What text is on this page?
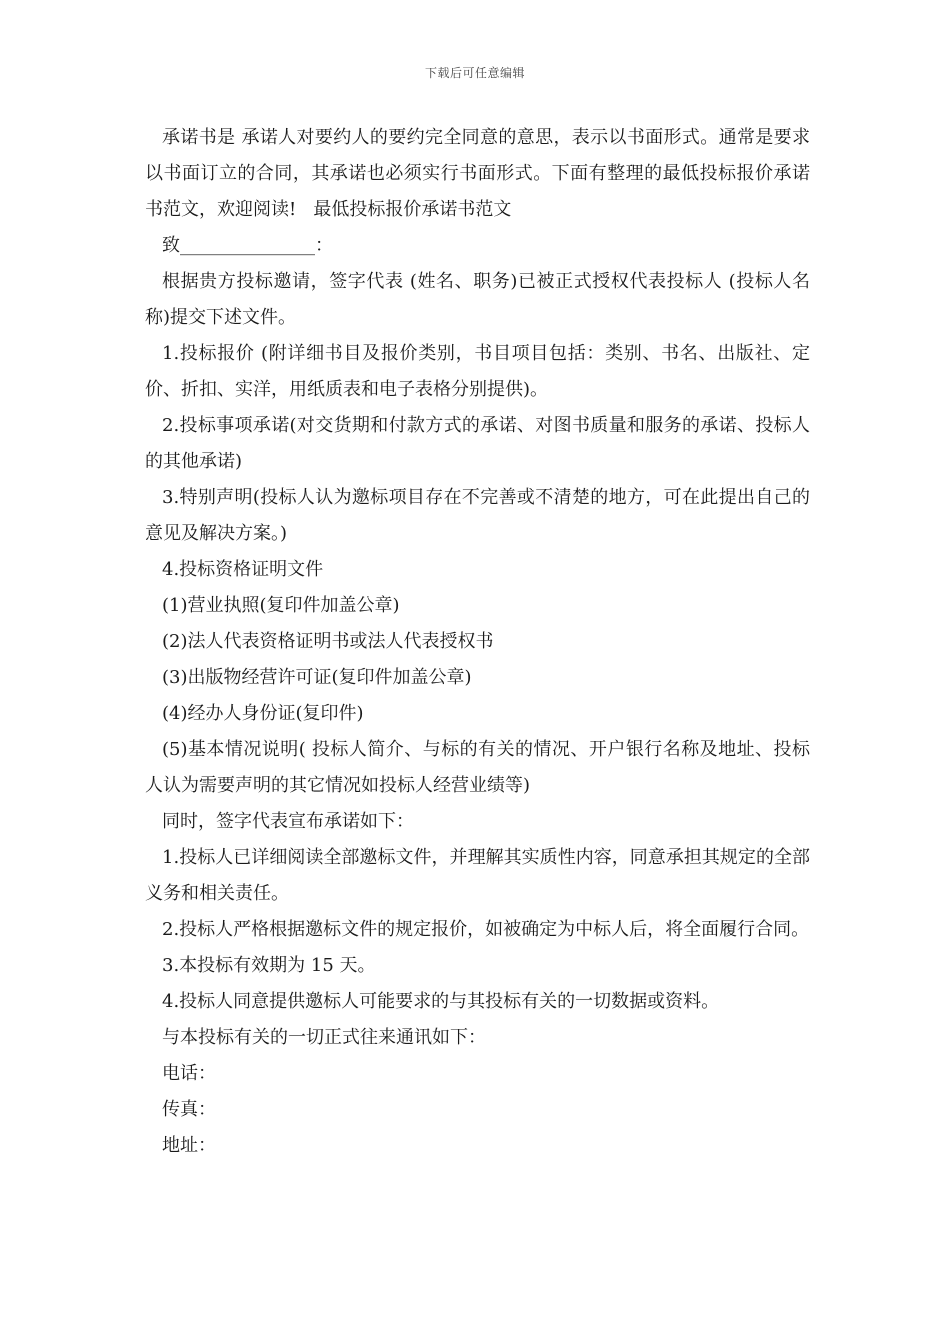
下载后可任意编辑

承诺书是 承诺人对要约人的要约完全同意的意思，表示以书面形式。通常是要求以书面订立的合同，其承诺也必须实行书面形式。下面有整理的最低投标报价承诺书范文，欢迎阅读!   最低投标报价承诺书范文

致_______________：

根据贵方投标邀请，签字代表 (姓名、职务)已被正式授权代表投标人 (投标人名称)提交下述文件。

1.投标报价 (附详细书目及报价类别，书目项目包括：类别、书名、出版社、定价、折扣、实洋，用纸质表和电子表格分别提供)。

2.投标事项承诺(对交货期和付款方式的承诺、对图书质量和服务的承诺、投标人的其他承诺)

3.特别声明(投标人认为邀标项目存在不完善或不清楚的地方，可在此提出自己的意见及解决方案。)

4.投标资格证明文件

(1)营业执照(复印件加盖公章)

(2)法人代表资格证明书或法人代表授权书

(3)出版物经营许可证(复印件加盖公章)

(4)经办人身份证(复印件)

(5)基本情况说明( 投标人简介、与标的有关的情况、开户银行名称及地址、投标人认为需要声明的其它情况如投标人经营业绩等)

同时，签字代表宣布承诺如下：

1.投标人已详细阅读全部邀标文件，并理解其实质性内容，同意承担其规定的全部义务和相关责任。

2.投标人严格根据邀标文件的规定报价，如被确定为中标人后，将全面履行合同。

3.本投标有效期为 15 天。

4.投标人同意提供邀标人可能要求的与其投标有关的一切数据或资料。

与本投标有关的一切正式往来通讯如下：

电话：

传真：

地址：
